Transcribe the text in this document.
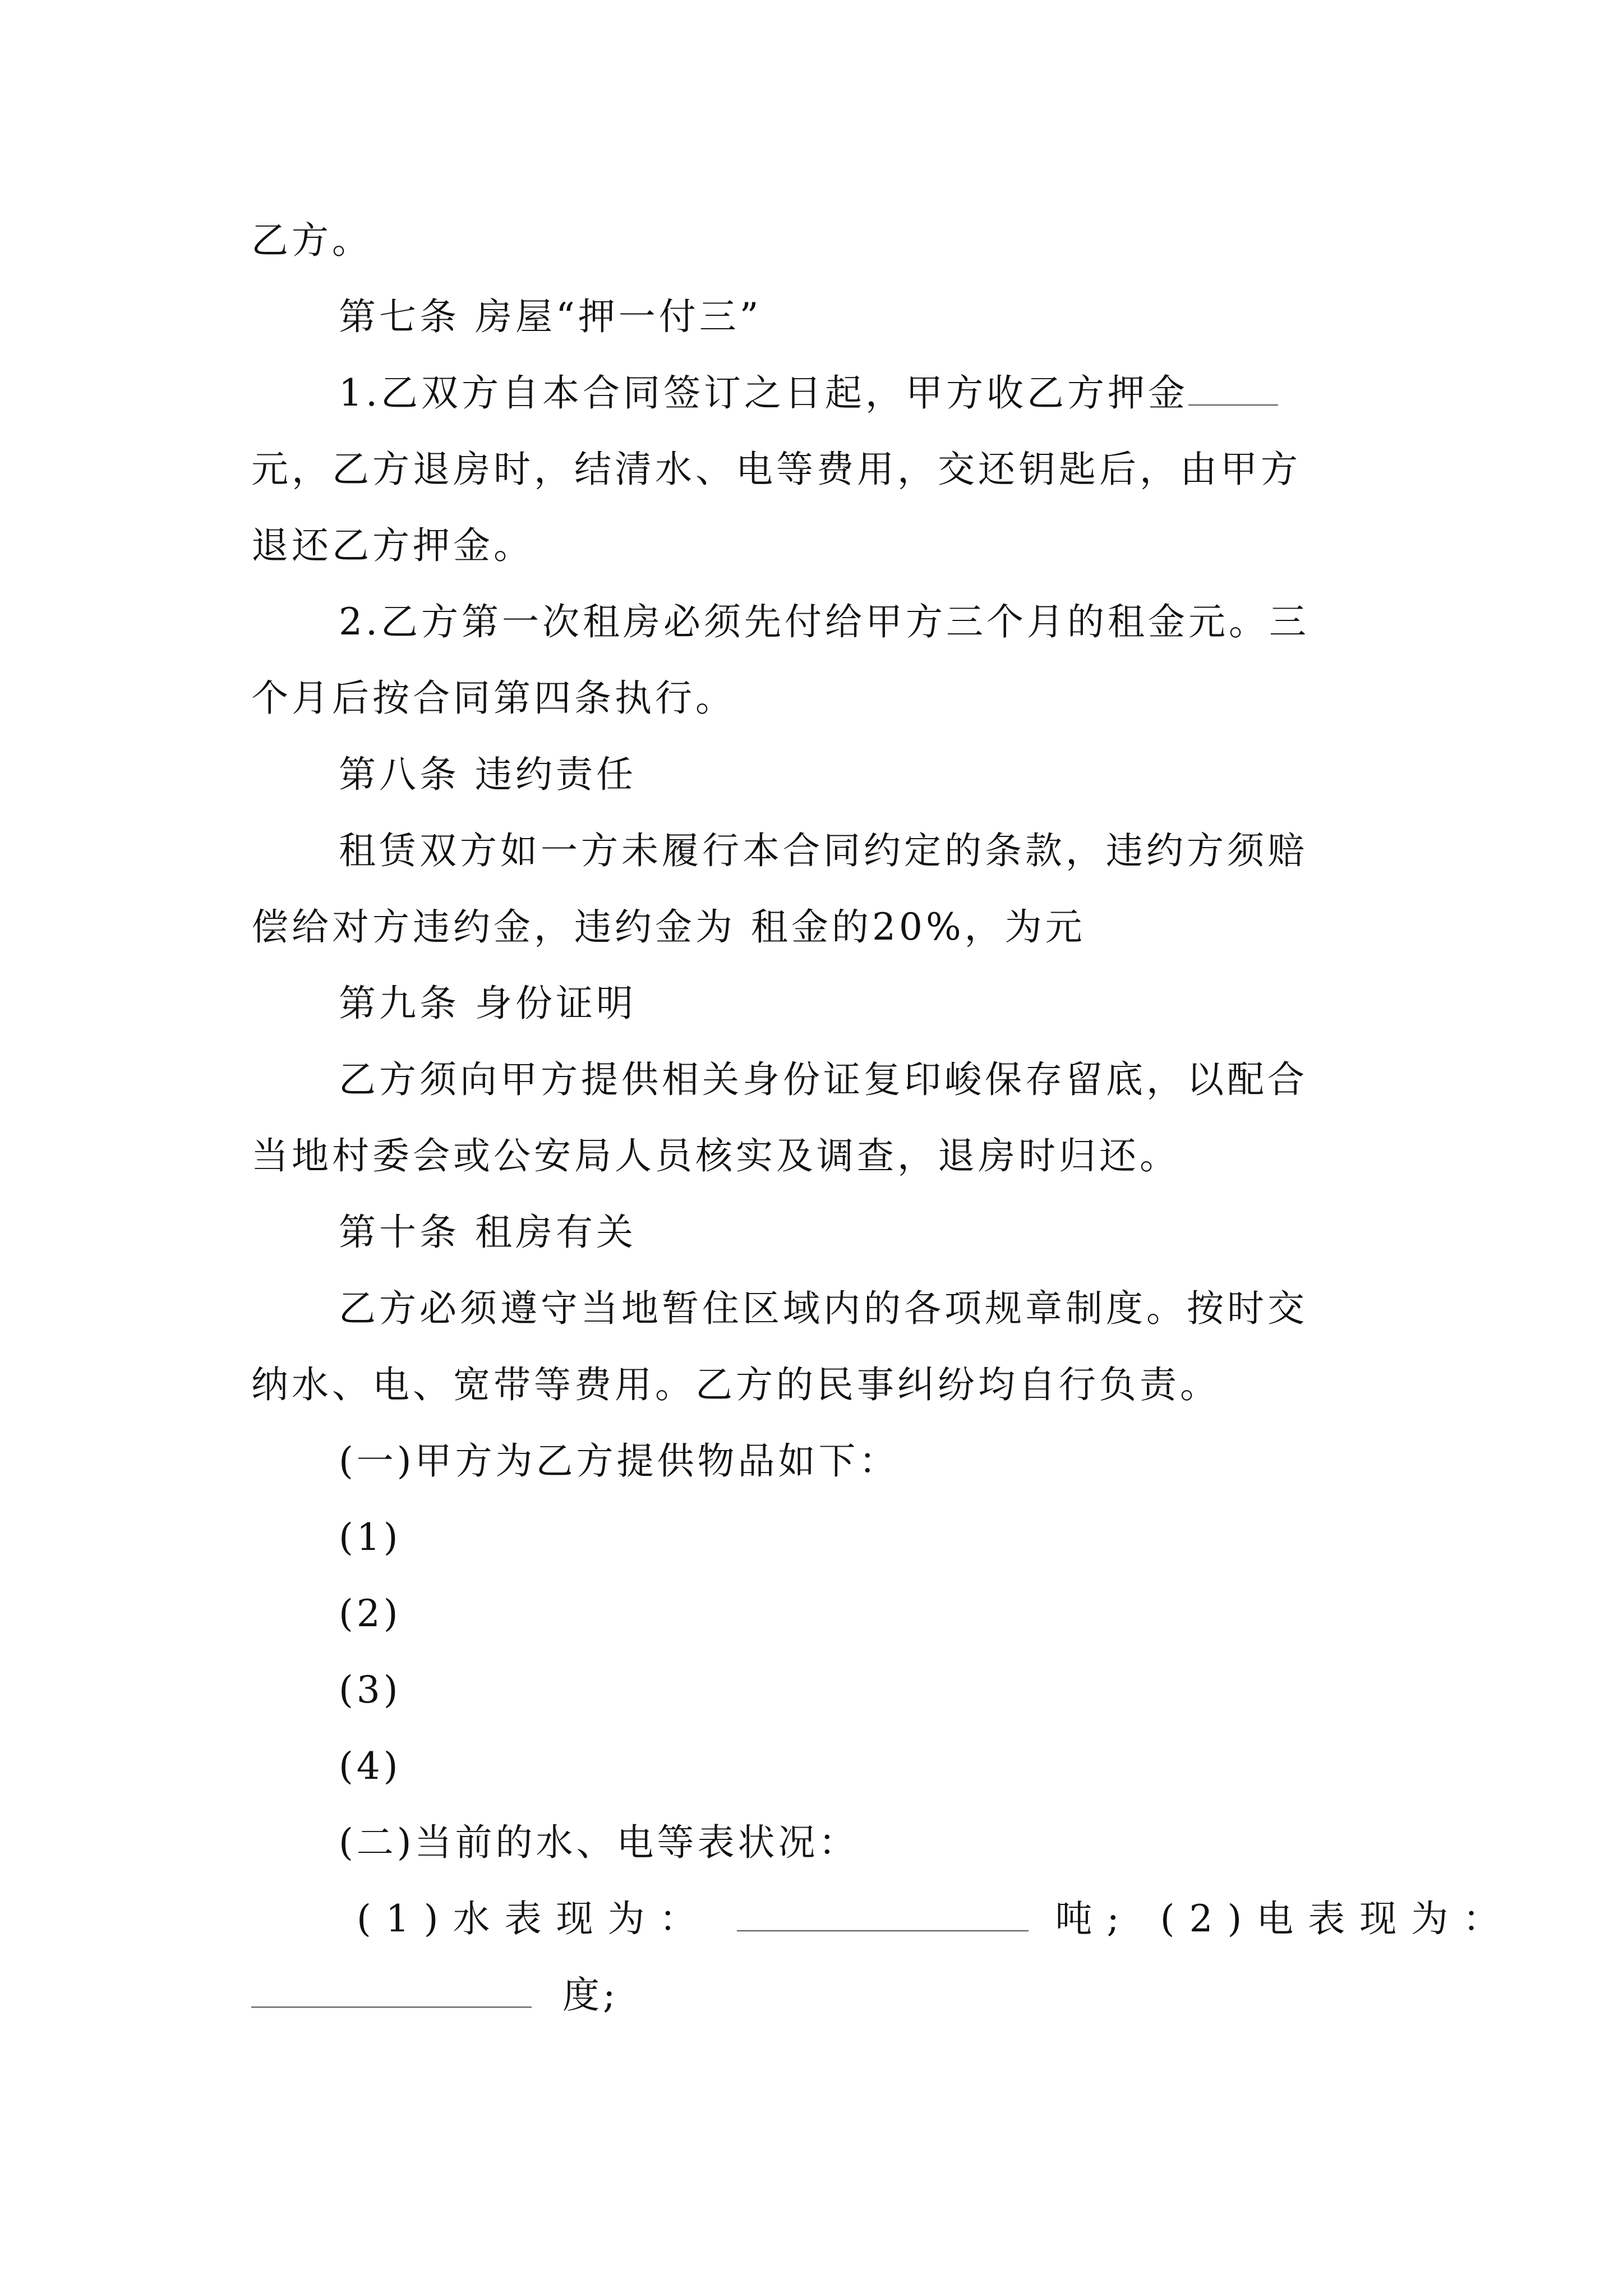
乙方。
第七条 房屋“押一付三”
1.乙双方自本合同签订之日起，甲方收乙方押金
元，乙方退房时，结清水、电等费用，交还钥匙后，由甲方
退还乙方押金。
2.乙方第一次租房必须先付给甲方三个月的租金元。三
个月后按合同第四条执行。
第八条 违约责任
租赁双方如一方未履行本合同约定的条款，违约方须赔
偿给对方违约金，违约金为 租金的20%，为元
第九条 身份证明
乙方须向甲方提供相关身份证复印峻保存留底，以配合
当地村委会或公安局人员核实及调查，退房时归还。
第十条 租房有关
乙方必须遵守当地暂住区域内的各项规章制度。按时交
纳水、电、宽带等费用。乙方的民事纠纷均自行负责。
(一)甲方为乙方提供物品如下：
(1)
(2)
(3)
(4)
(二)当前的水、电等表状况：
(1)水表现为：	吨; (2)电表现为：
度;
